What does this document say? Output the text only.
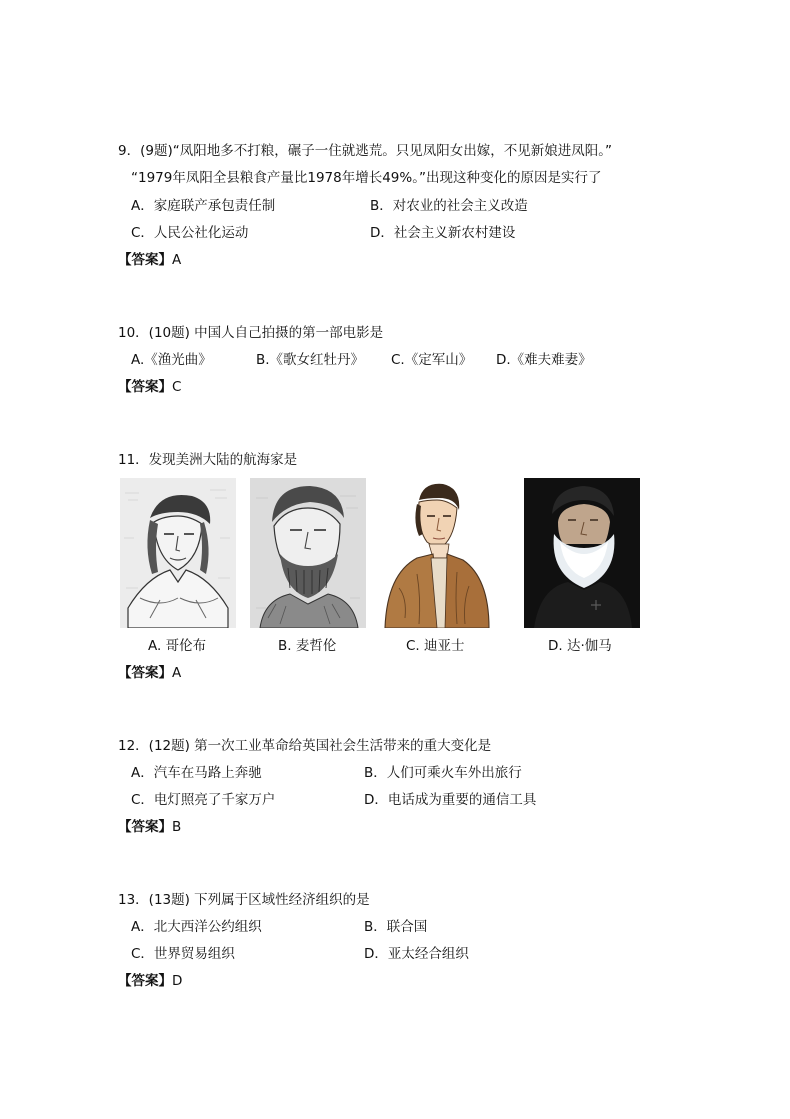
9．(9题)“凤阳地多不打粮，碾子一住就逃荒。只见凤阳女出嫁，不见新娘进凤阳。”
“1979年凤阳全县粮食产量比1978年增长49%。”出现这种变化的原因是实行了
A．家庭联产承包责任制	B．对农业的社会主义改造
C．人民公社化运动	D．社会主义新农村建设
【答案】A
10．(10题) 中国人自己拍摄的第一部电影是
A.《渔光曲》	B.《歌女红牡丹》 C.《定军山》 D.《难夫难妻》
【答案】C
11．发现美洲大陆的航海家是
A. 哥伦布	B. 麦哲伦	C. 迪亚士	D. 达·伽马
【答案】A
12．(12题) 第一次工业革命给英国社会生活带来的重大变化是
A．汽车在马路上奔驰	B．人们可乘火车外出旅行
C．电灯照亮了千家万户	D．电话成为重要的通信工具
【答案】B
13．(13题) 下列属于区域性经济组织的是
A．北大西洋公约组织	B．联合国
C．世界贸易组织	D．亚太经合组织
【答案】D
